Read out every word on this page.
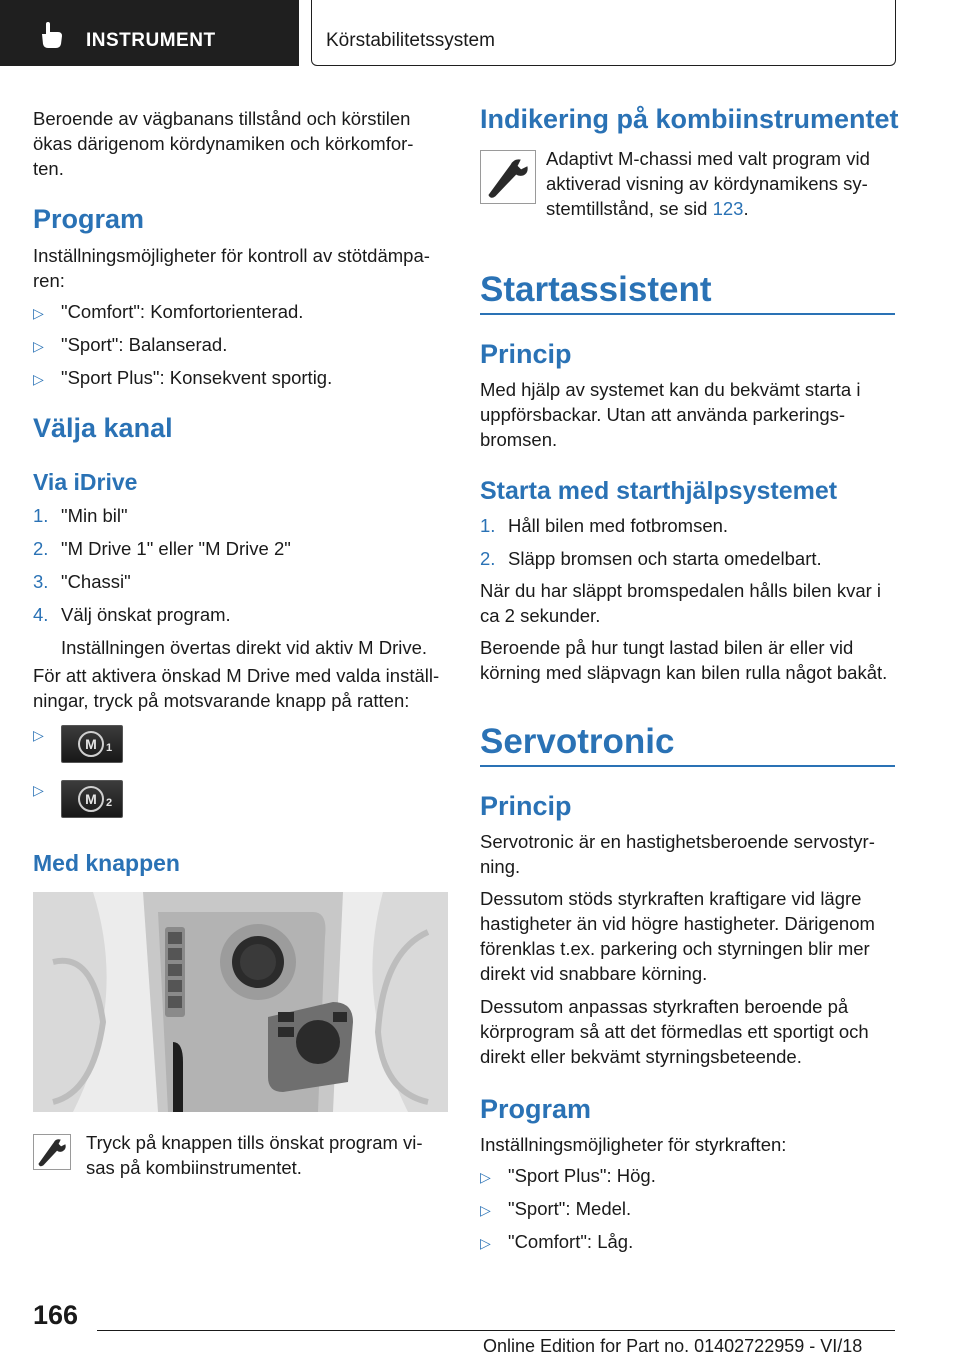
INSTRUMENT	Körstabilitetssystem
Beroende av vägbanans tillstånd och körstilen
ökas därigenom kördynamiken och körkomfor-
ten.
Program
Inställningsmöjligheter för kontroll av stötdämpa-
ren:
▷ "Comfort": Komfortorienterad.
▷ "Sport": Balanserad.
▷ "Sport Plus": Konsekvent sportig.
Välja kanal
Via iDrive
1. "Min bil"
2. "M Drive 1" eller "M Drive 2"
3. "Chassi"
4. Välj önskat program.
Inställningen övertas direkt vid aktiv M Drive.
För att aktivera önskad M Drive med valda inställ-
ningar, tryck på motsvarande knapp på ratten:
▷
M 1
▷
M 2
Med knappen
Tryck på knappen tills önskat program vi-
sas på kombiinstrumentet.
Indikering på kombiinstrumentet
Adaptivt M-chassi med valt program vid
aktiverad visning av kördynamikens sy-
stemtillstånd, se sid 123.
Startassistent
Princip
Med hjälp av systemet kan du bekvämt starta i
uppförsbackar. Utan att använda parkerings-
bromsen.
Starta med starthjälpsystemet
1. Håll bilen med fotbromsen.
2. Släpp bromsen och starta omedelbart.
När du har släppt bromspedalen hålls bilen kvar i
ca 2 sekunder.
Beroende på hur tungt lastad bilen är eller vid
körning med släpvagn kan bilen rulla något bakåt.
Servotronic
Princip
Servotronic är en hastighetsberoende servostyr-
ning.
Dessutom stöds styrkraften kraftigare vid lägre
hastigheter än vid högre hastigheter. Därigenom
förenklas t.ex. parkering och styrningen blir mer
direkt vid snabbare körning.
Dessutom anpassas styrkraften beroende på
körprogram så att det förmedlas ett sportigt och
direkt eller bekvämt styrningsbeteende.
Program
Inställningsmöjligheter för styrkraften:
▷ "Sport Plus": Hög.
▷ "Sport": Medel.
▷ "Comfort": Låg.
166
Online Edition for Part no. 01402722959 - VI/18
